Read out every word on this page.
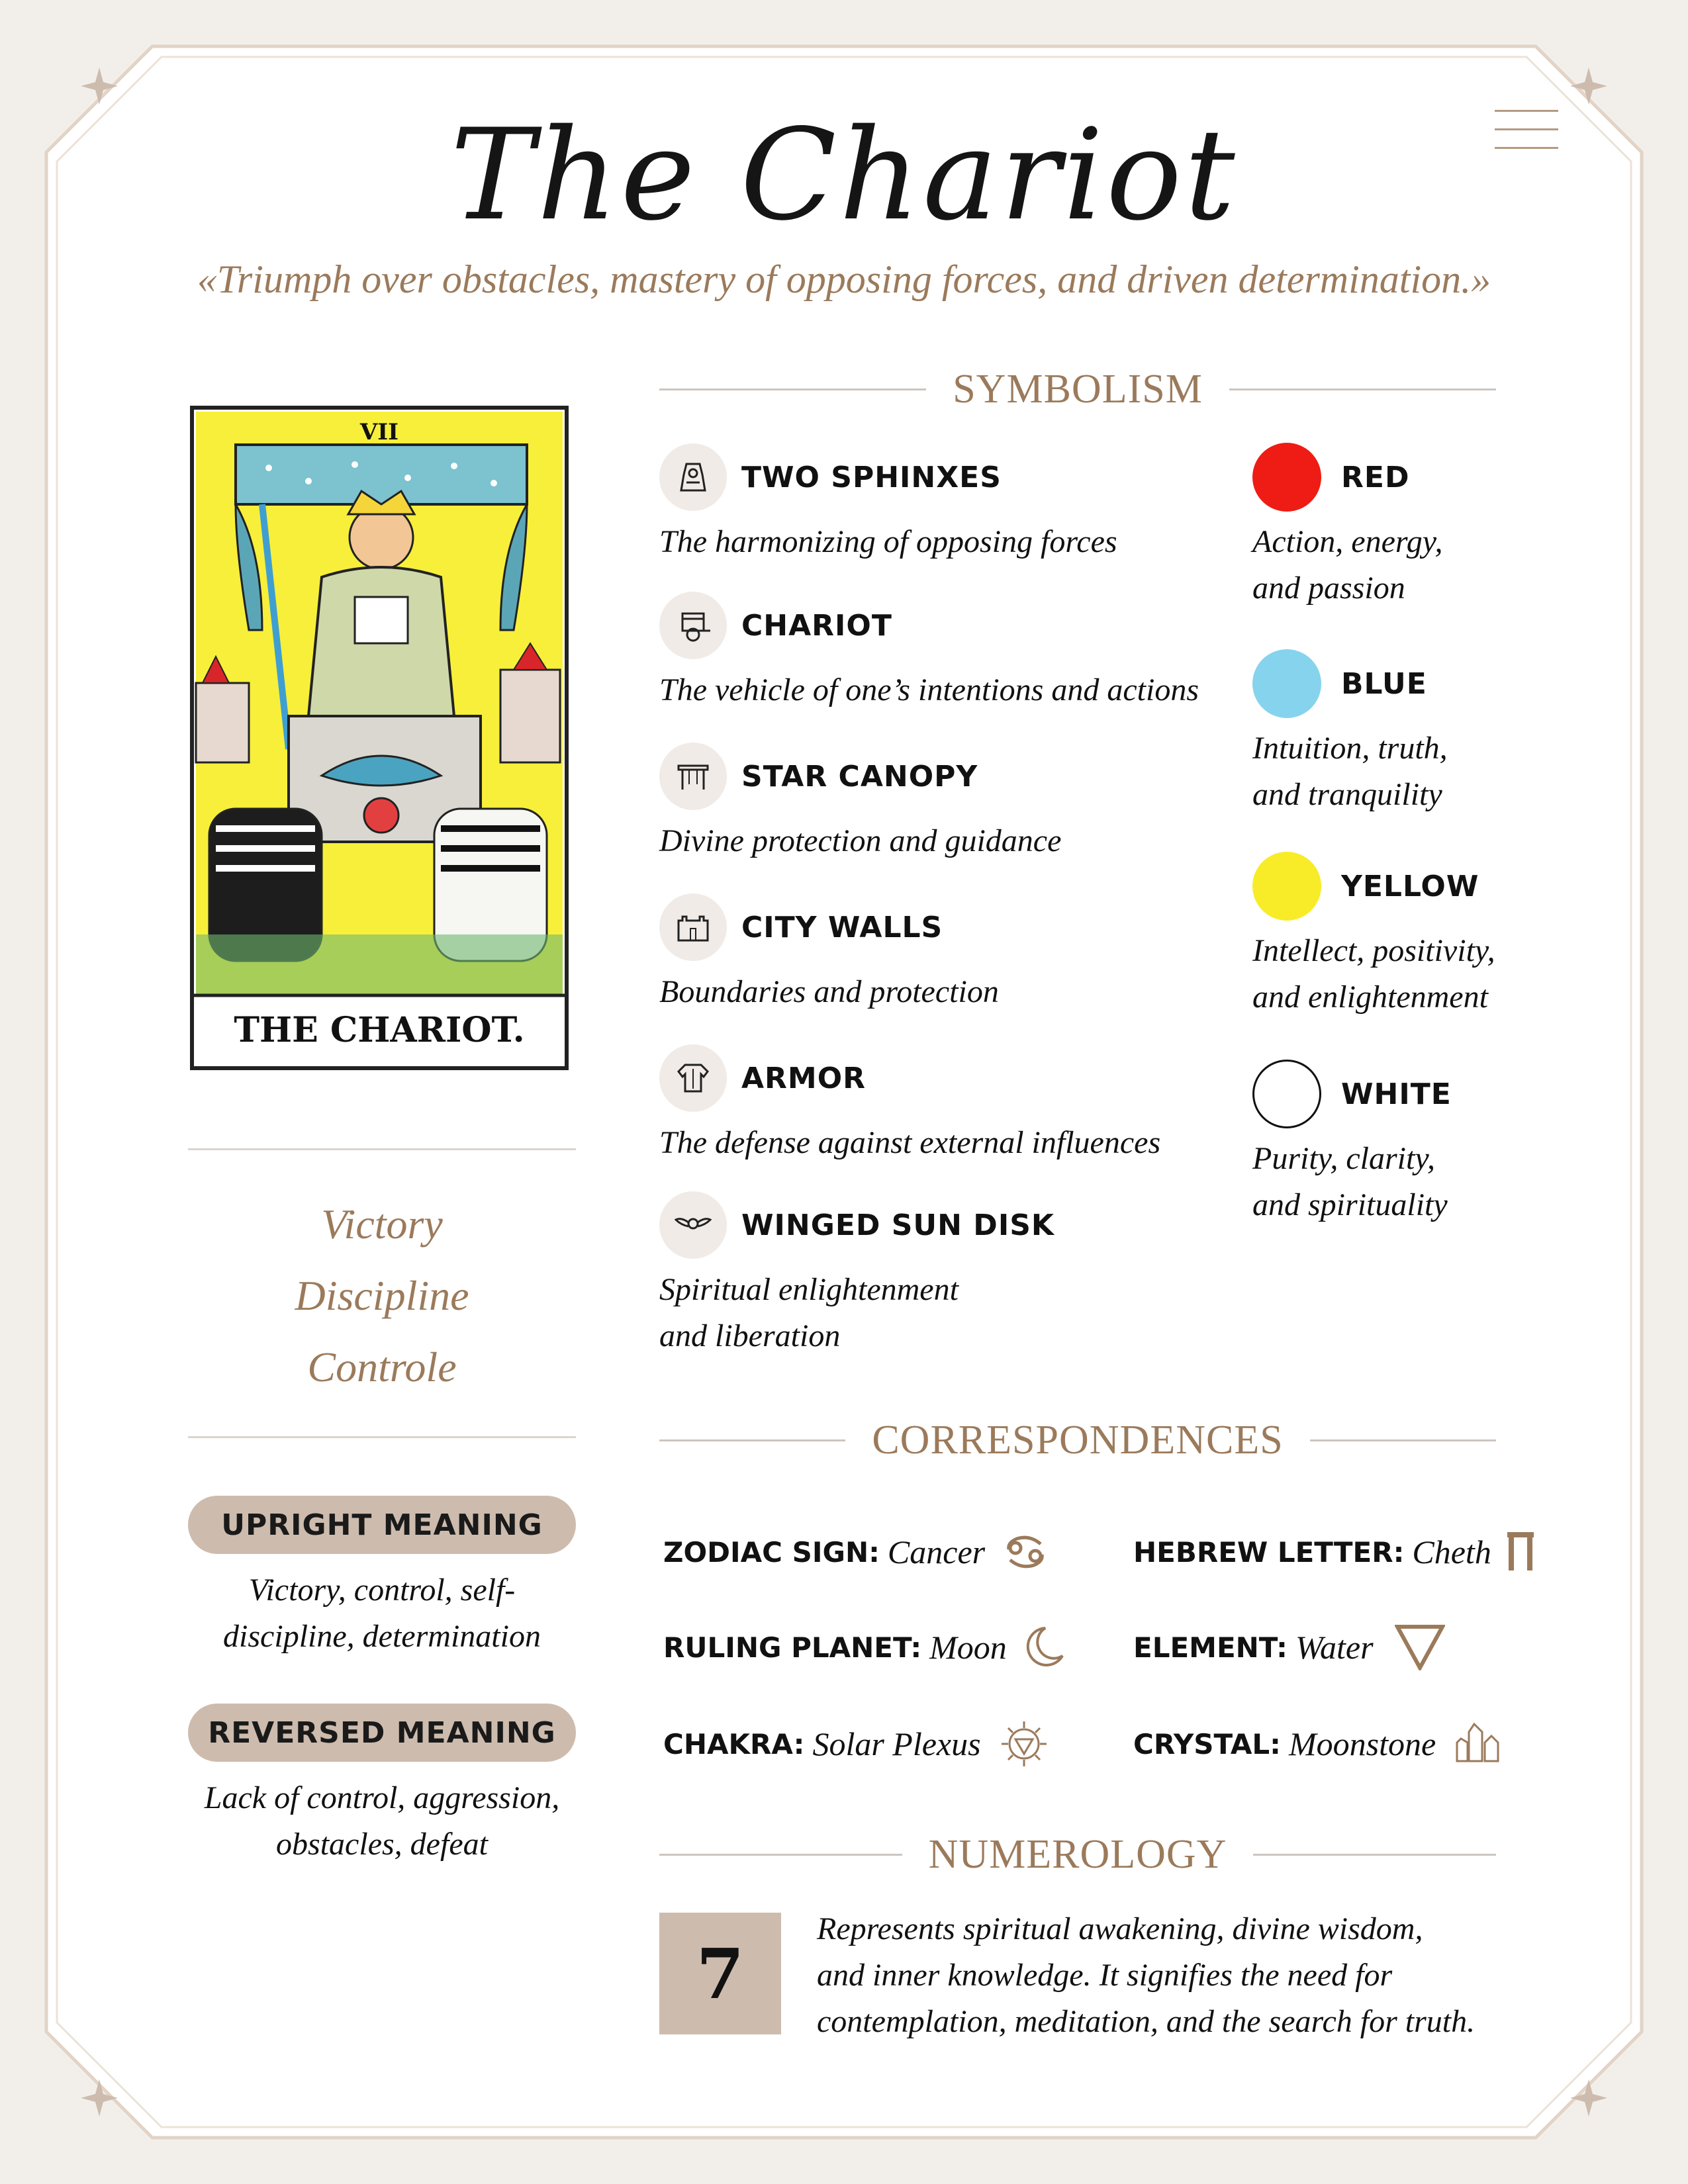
The Chariot
«Triumph over obstacles, mastery of opposing forces, and driven determination.»
VII
THE CHARIOT.
Victory
Discipline
Controle
UPRIGHT MEANING
Victory, control, self-discipline, determination
REVERSED MEANING
Lack of control, aggression, obstacles, defeat
SYMBOLISM
TWO SPHINXES
The harmonizing of opposing forces
CHARIOT
The vehicle of one’s intentions and actions
STAR CANOPY
Divine protection and guidance
CITY WALLS
Boundaries and protection
ARMOR
The defense against external influences
WINGED SUN DISK
Spiritual enlightenment
and liberation
RED
Action, energy,
and passion
BLUE
Intuition, truth,
and tranquility
YELLOW
Intellect, positivity,
and enlightenment
WHITE
Purity, clarity,
and spirituality
CORRESPONDENCES
ZODIAC SIGN: Cancer	HEBREW LETTER: Cheth
RULING PLANET: Moon	ELEMENT: Water
CHAKRA: Solar Plexus	CRYSTAL: Moonstone
NUMEROLOGY
7
Represents spiritual awakening, divine wisdom,
and inner knowledge. It signifies the need for
contemplation, meditation, and the search for truth.
